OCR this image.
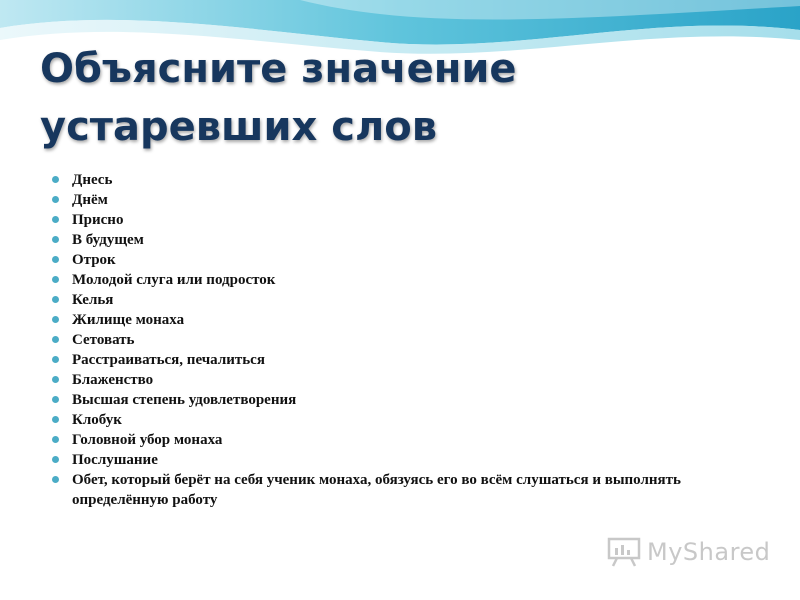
Объясните значение устаревших слов
Днесь
Днём
Присно
В будущем
Отрок
Молодой слуга или подросток
Келья
Жилище монаха
Сетовать
Расстраиваться, печалиться
Блаженство
Высшая степень удовлетворения
Клобук
Головной убор монаха
Послушание
Обет, который берёт на себя ученик монаха, обязуясь его во всём слушаться и выполнять определённую работу
MyShared
